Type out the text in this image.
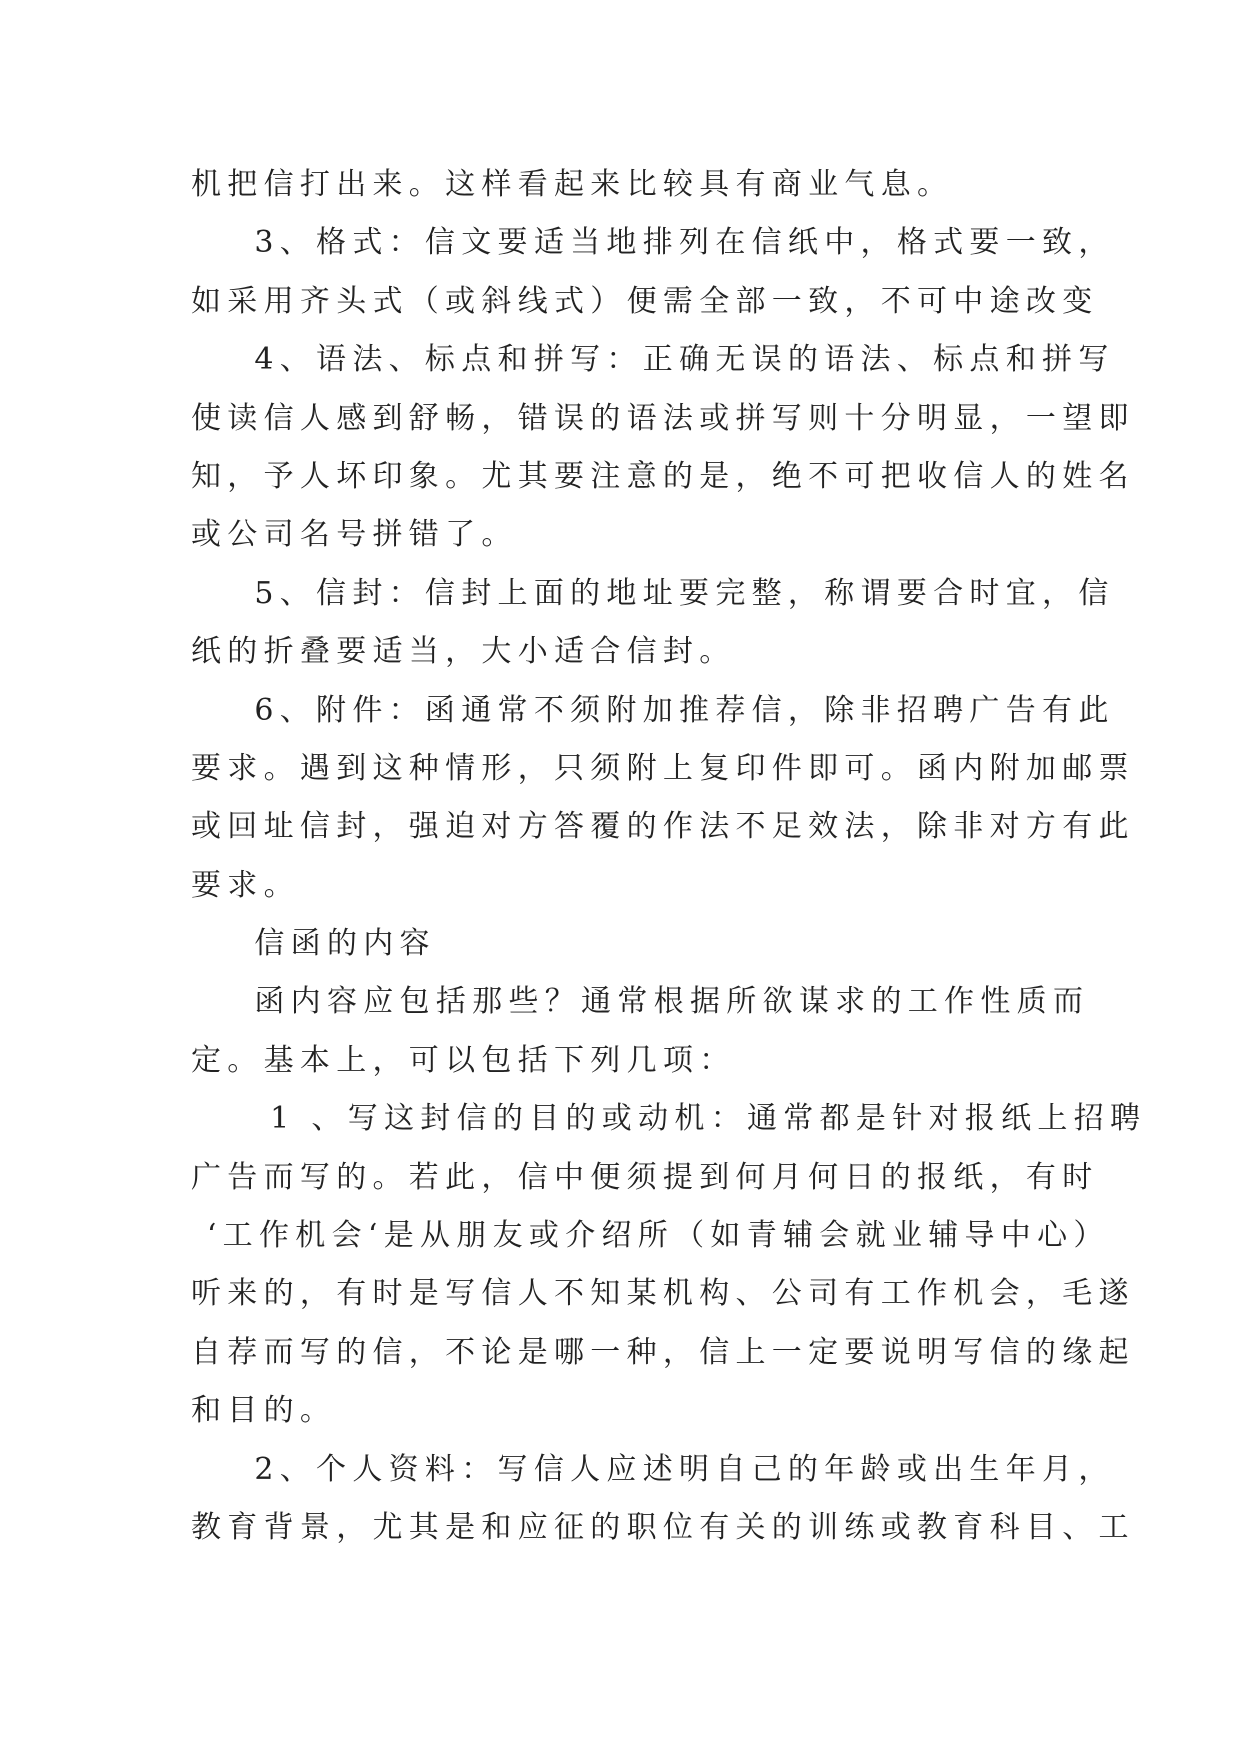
机把信打出来。这样看起来比较具有商业气息。

3、格式：信文要适当地排列在信纸中，格式要一致，

如采用齐头式（或斜线式）便需全部一致，不可中途改变

4、语法、标点和拼写：正确无误的语法、标点和拼写

使读信人感到舒畅，错误的语法或拼写则十分明显，一望即

知，予人坏印象。尤其要注意的是，绝不可把收信人的姓名

或公司名号拼错了。

5、信封：信封上面的地址要完整，称谓要合时宜，信

纸的折叠要适当，大小适合信封。

6、附件：函通常不须附加推荐信，除非招聘广告有此

要求。遇到这种情形，只须附上复印件即可。函内附加邮票

或回址信封，强迫对方答覆的作法不足效法，除非对方有此

要求。

信函的内容

函内容应包括那些？通常根据所欲谋求的工作性质而

定。基本上，可以包括下列几项：

1 、写这封信的目的或动机：通常都是针对报纸上招聘

广告而写的。若此，信中便须提到何月何日的报纸，有时

‘工作机会‘是从朋友或介绍所（如青辅会就业辅导中心）

听来的，有时是写信人不知某机构、公司有工作机会，毛遂

自荐而写的信，不论是哪一种，信上一定要说明写信的缘起

和目的。

2、个人资料：写信人应述明自己的年龄或出生年月，

教育背景，尤其是和应征的职位有关的训练或教育科目、工
